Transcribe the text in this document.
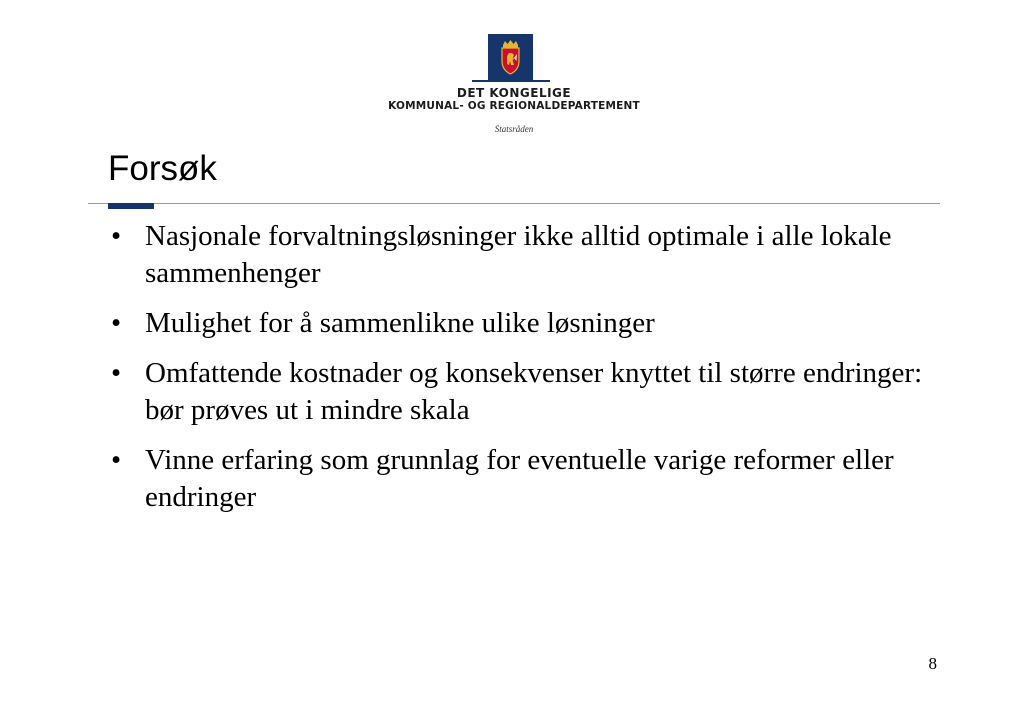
DET KONGELIGE
KOMMUNAL- OG REGIONALDEPARTEMENT
Statsråden
Forsøk
• Nasjonale forvaltningsløsninger ikke alltid optimale i alle lokale sammenhenger
• Mulighet for å sammenlikne ulike løsninger
• Omfattende kostnader og konsekvenser knyttet til større endringer: bør prøves ut i mindre skala
• Vinne erfaring som grunnlag for eventuelle varige reformer eller endringer
8
